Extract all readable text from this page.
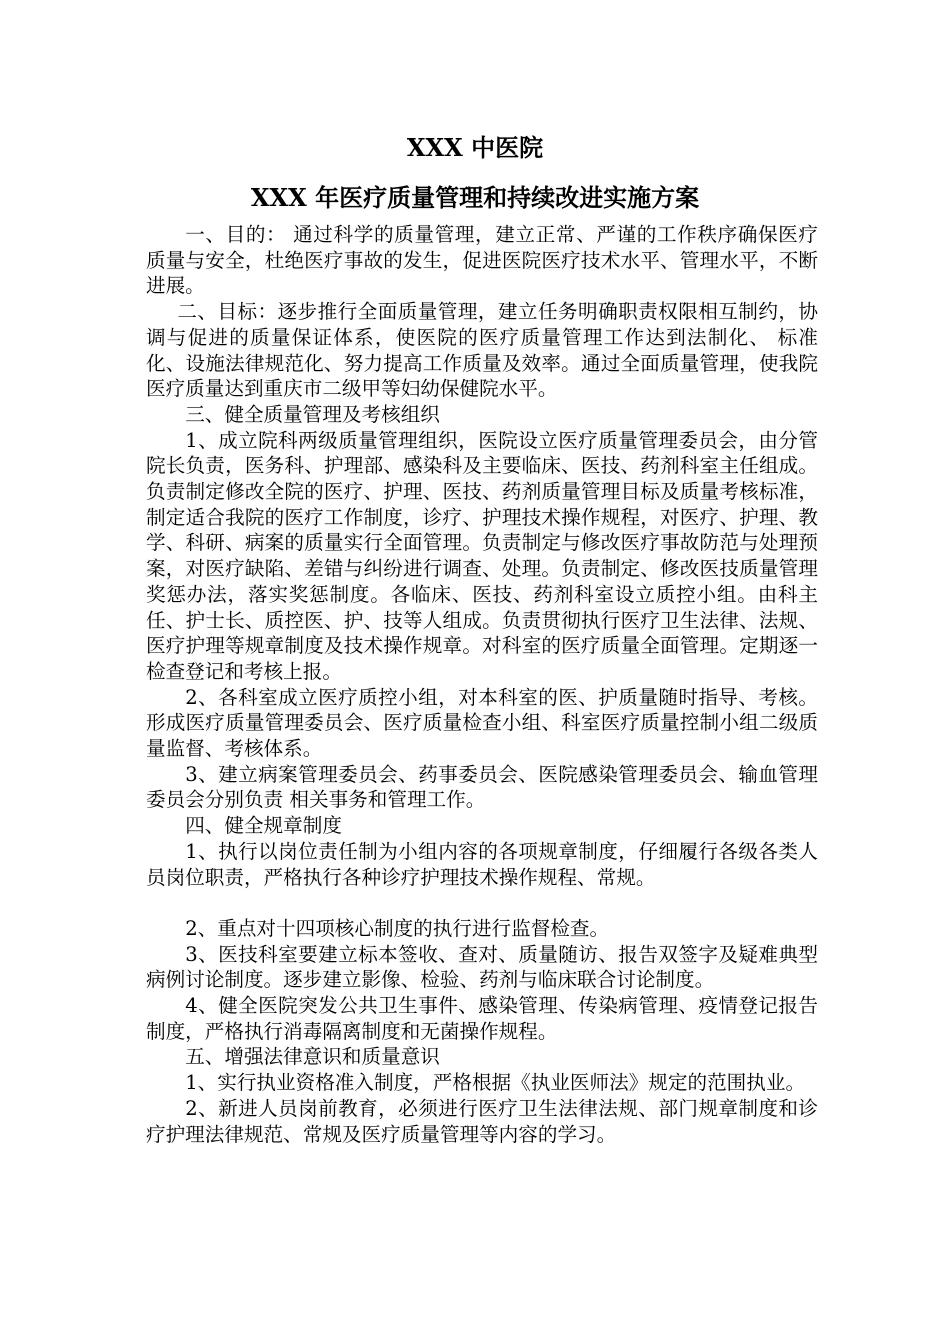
XXX 中医院
XXX 年医疗质量管理和持续改进实施方案

一、目的： 通过科学的质量管理，建立正常、严谨的工作秩序确保医疗质量与安全，杜绝医疗事故的发生，促进医院医疗技术水平、管理水平，不断进展。

二、目标：逐步推行全面质量管理，建立任务明确职责权限相互制约，协调与促进的质量保证体系，使医院的医疗质量管理工作达到法制化、 标准化、设施法律规范化、努力提高工作质量及效率。通过全面质量管理，使我院医疗质量达到重庆市二级甲等妇幼保健院水平。

三、健全质量管理及考核组织

1、成立院科两级质量管理组织，医院设立医疗质量管理委员会，由分管院长负责，医务科、护理部、感染科及主要临床、医技、药剂科室主任组成。负责制定修改全院的医疗、护理、医技、药剂质量管理目标及质量考核标准，制定适合我院的医疗工作制度，诊疗、护理技术操作规程，对医疗、护理、教学、科研、病案的质量实行全面管理。负责制定与修改医疗事故防范与处理预案，对医疗缺陷、差错与纠纷进行调查、处理。负责制定、修改医技质量管理奖惩办法，落实奖惩制度。各临床、医技、药剂科室设立质控小组。由科主任、护士长、质控医、护、技等人组成。负责贯彻执行医疗卫生法律、法规、医疗护理等规章制度及技术操作规章。对科室的医疗质量全面管理。定期逐一检查登记和考核上报。

2、各科室成立医疗质控小组，对本科室的医、护质量随时指导、考核。形成医疗质量管理委员会、医疗质量检查小组、科室医疗质量控制小组二级质量监督、考核体系。

3、建立病案管理委员会、药事委员会、医院感染管理委员会、输血管理委员会分别负责 相关事务和管理工作。

四、健全规章制度

1、执行以岗位责任制为小组内容的各项规章制度，仔细履行各级各类人员岗位职责，严格执行各种诊疗护理技术操作规程、常规。

2、重点对十四项核心制度的执行进行监督检查。

3、医技科室要建立标本签收、查对、质量随访、报告双签字及疑难典型病例讨论制度。逐步建立影像、检验、药剂与临床联合讨论制度。

4、健全医院突发公共卫生事件、感染管理、传染病管理、疫情登记报告制度，严格执行消毒隔离制度和无菌操作规程。

五、增强法律意识和质量意识

1、实行执业资格准入制度，严格根据《执业医师法》规定的范围执业。

2、新进人员岗前教育，必须进行医疗卫生法律法规、部门规章制度和诊疗护理法律规范、常规及医疗质量管理等内容的学习。
